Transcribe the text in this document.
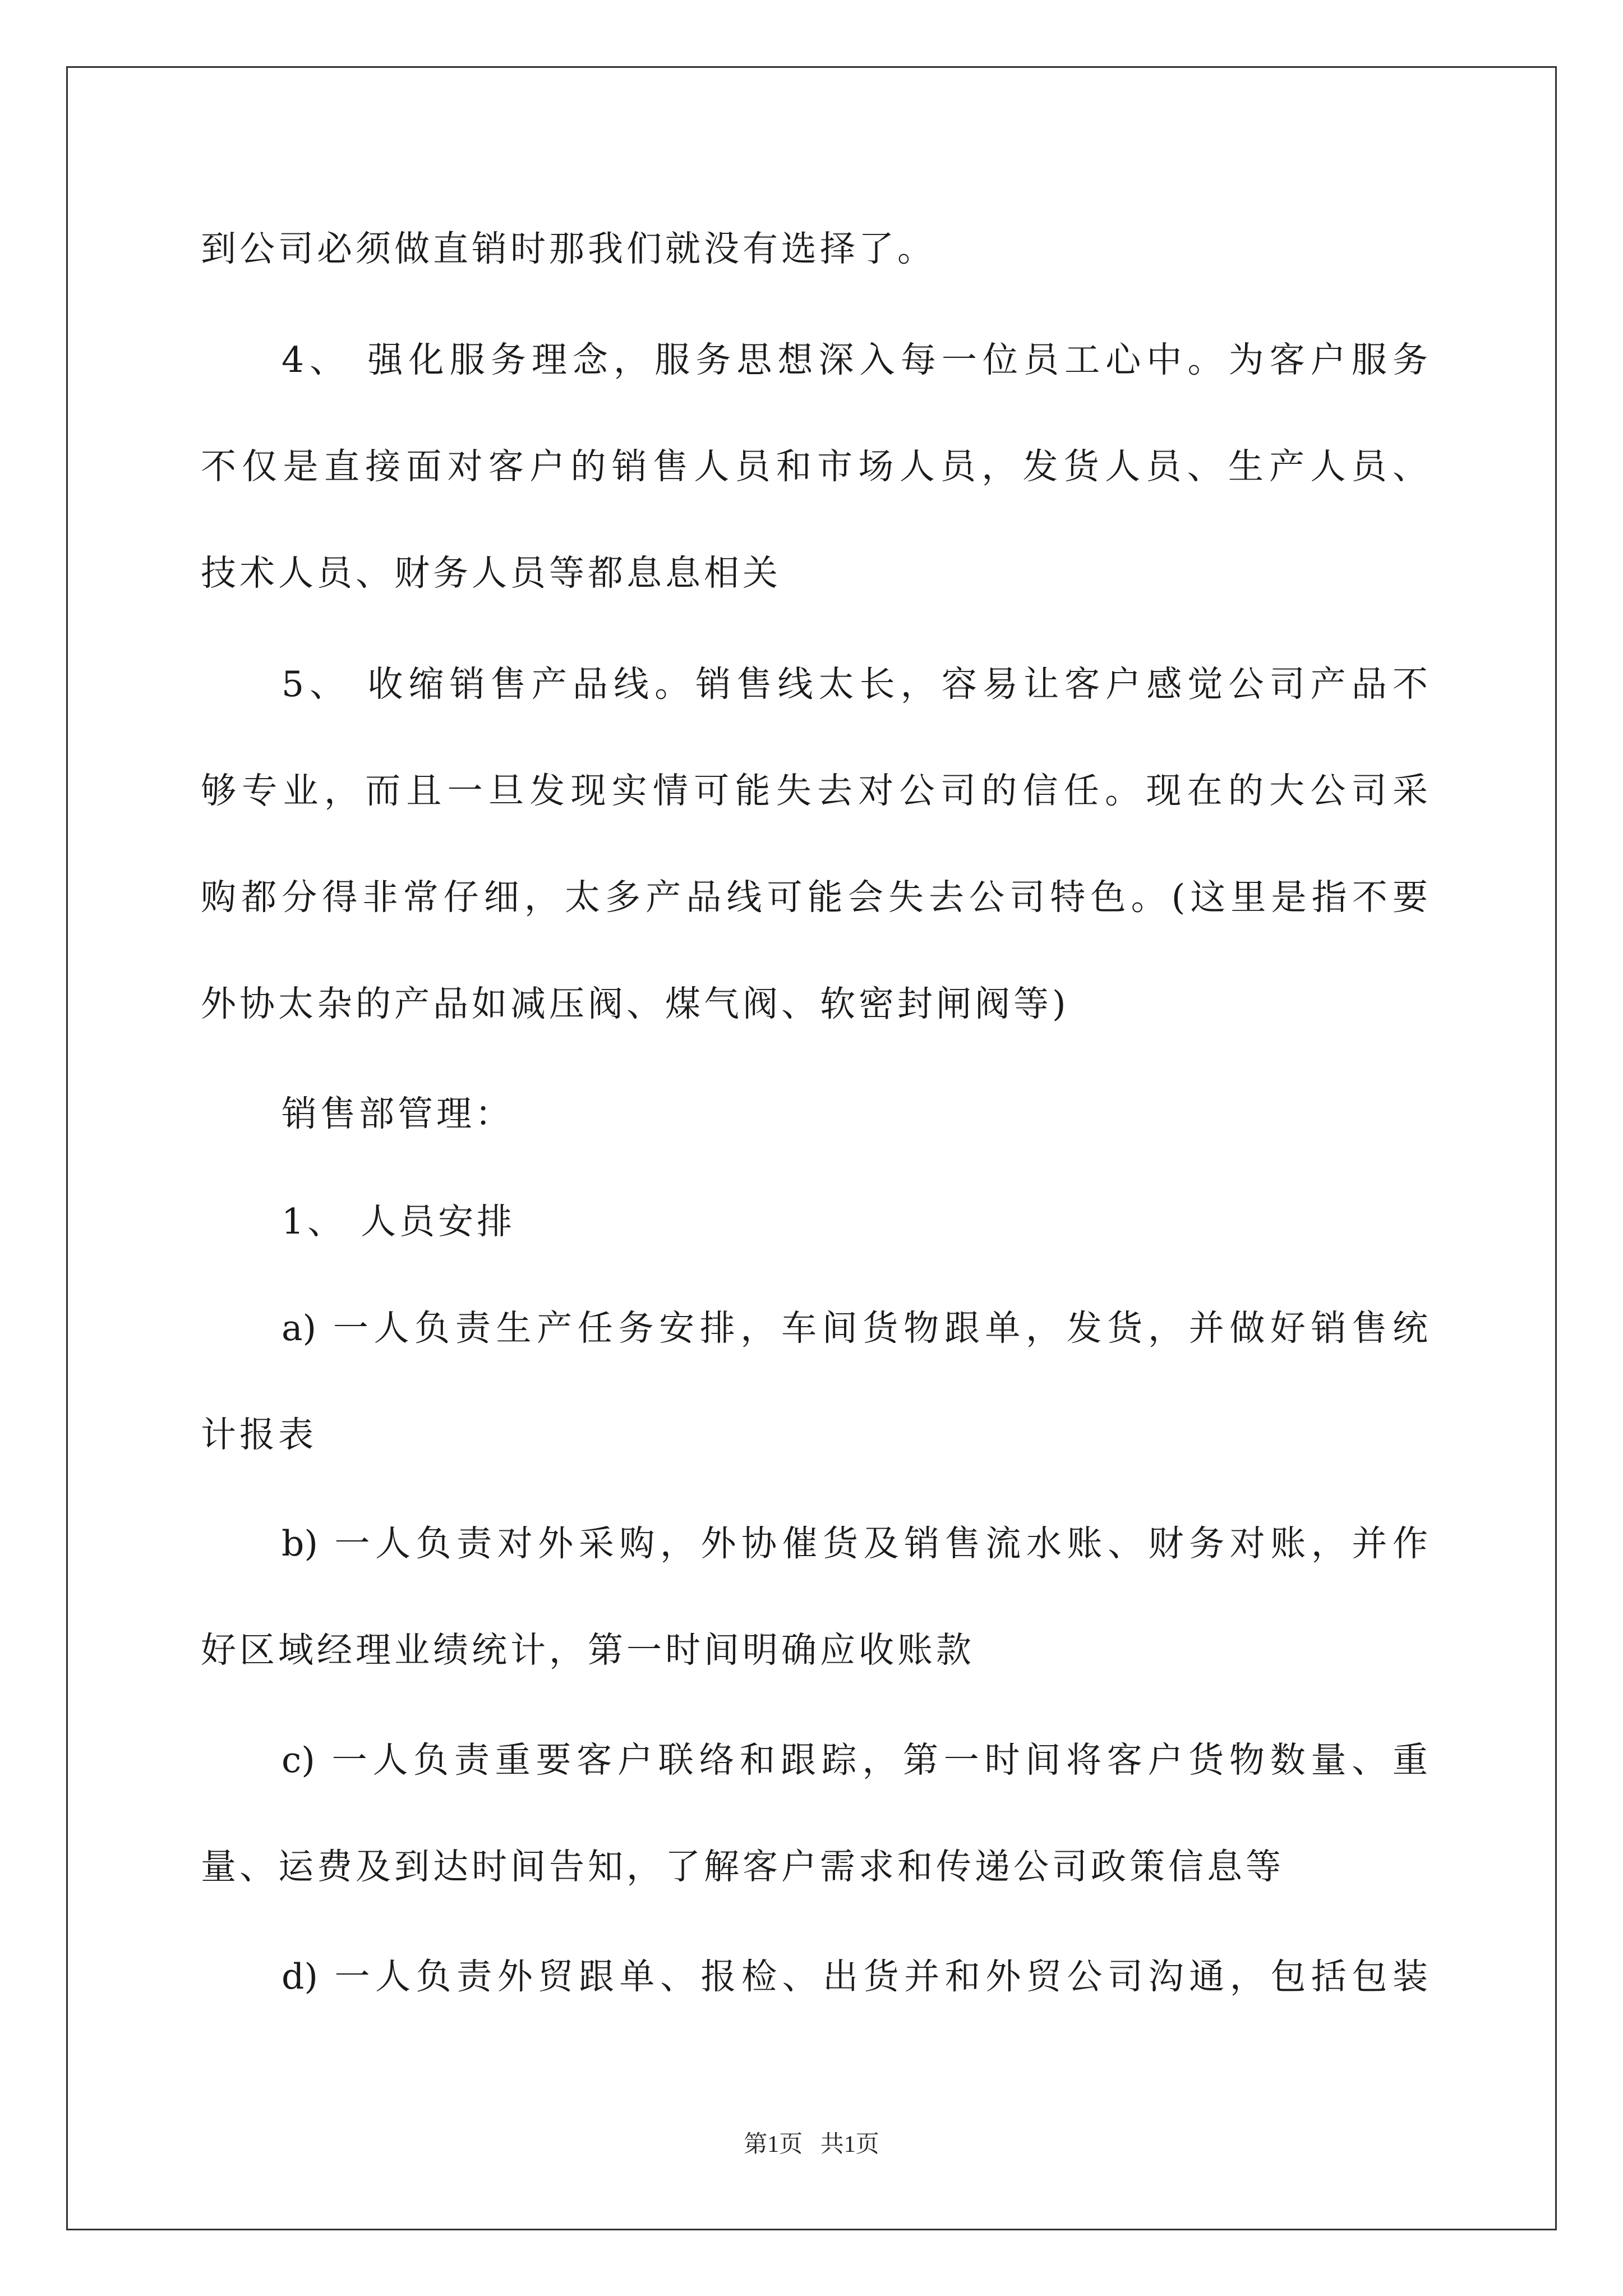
到公司必须做直销时那我们就没有选择了。
4、 强化服务理念，服务思想深入每一位员工心中。为客户服务
不仅是直接面对客户的销售人员和市场人员，发货人员、生产人员、
技术人员、财务人员等都息息相关
5、 收缩销售产品线。销售线太长，容易让客户感觉公司产品不
够专业，而且一旦发现实情可能失去对公司的信任。现在的大公司采
购都分得非常仔细，太多产品线可能会失去公司特色。(这里是指不要
外协太杂的产品如减压阀、煤气阀、软密封闸阀等)
销售部管理：
1、 人员安排
a) 一人负责生产任务安排，车间货物跟单，发货，并做好销售统
计报表
b) 一人负责对外采购，外协催货及销售流水账、财务对账，并作
好区域经理业绩统计，第一时间明确应收账款
c) 一人负责重要客户联络和跟踪，第一时间将客户货物数量、重
量、运费及到达时间告知，了解客户需求和传递公司政策信息等
d) 一人负责外贸跟单、报检、出货并和外贸公司沟通，包括包装
第1页   共1页
